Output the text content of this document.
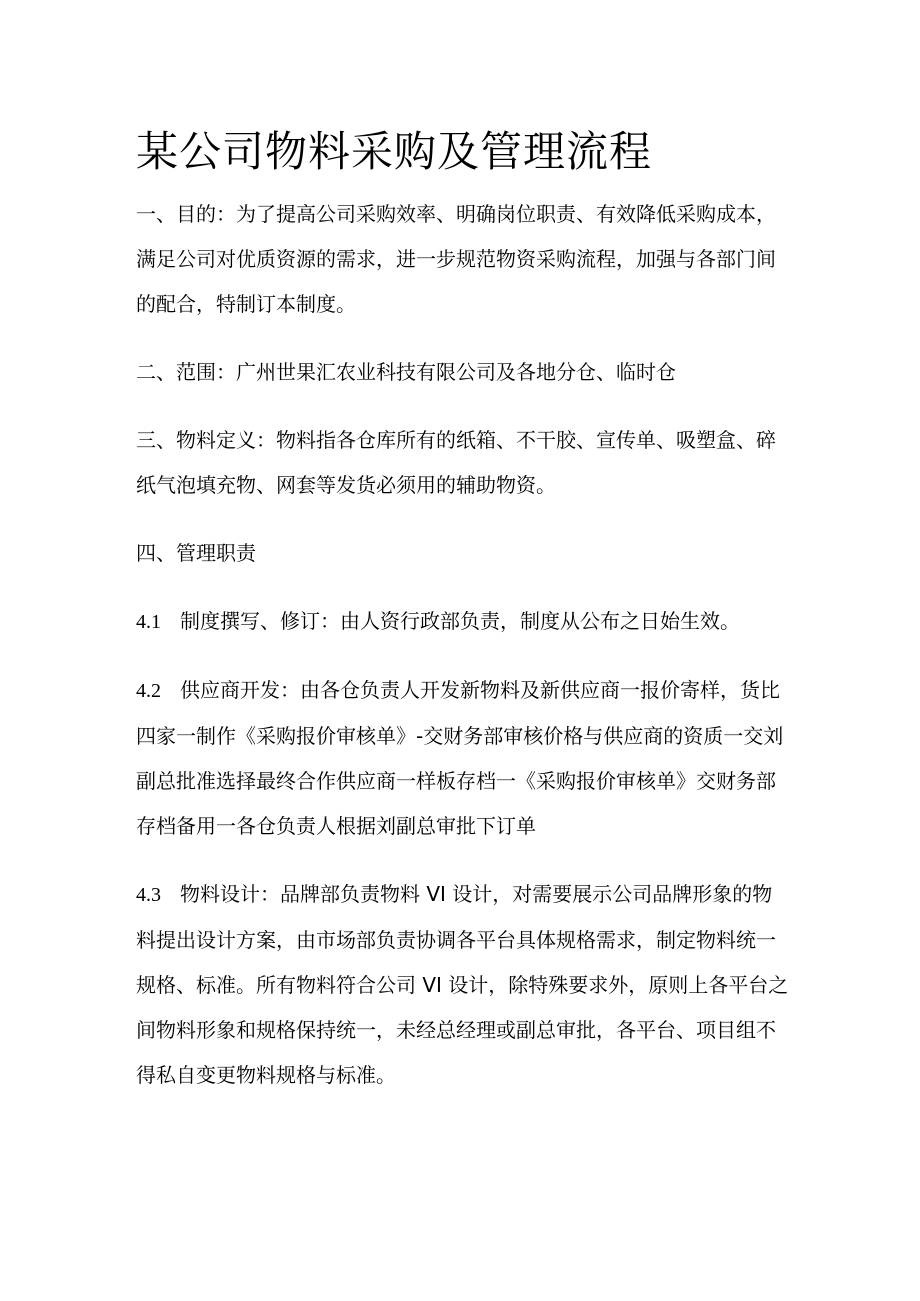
某公司物料采购及管理流程
一、目的：为了提高公司采购效率、明确岗位职责、有效降低采购成本，
满足公司对优质资源的需求，进一步规范物资采购流程，加强与各部门间
的配合，特制订本制度。
二、范围：广州世果汇农业科技有限公司及各地分仓、临时仓
三、物料定义：物料指各仓库所有的纸箱、不干胶、宣传单、吸塑盒、碎
纸气泡填充物、网套等发货必须用的辅助物资。
四、管理职责
4.1 制度撰写、修订：由人资行政部负责，制度从公布之日始生效。
4.2 供应商开发：由各仓负责人开发新物料及新供应商一报价寄样，货比
四家一制作《采购报价审核单》-交财务部审核价格与供应商的资质一交刘
副总批准选择最终合作供应商一样板存档一《采购报价审核单》交财务部
存档备用一各仓负责人根据刘副总审批下订单
4.3 物料设计：品牌部负责物料 VI 设计，对需要展示公司品牌形象的物
料提出设计方案，由市场部负责协调各平台具体规格需求，制定物料统一
规格、标准。所有物料符合公司 VI 设计，除特殊要求外，原则上各平台之
间物料形象和规格保持统一，未经总经理或副总审批，各平台、项目组不
得私自变更物料规格与标准。
